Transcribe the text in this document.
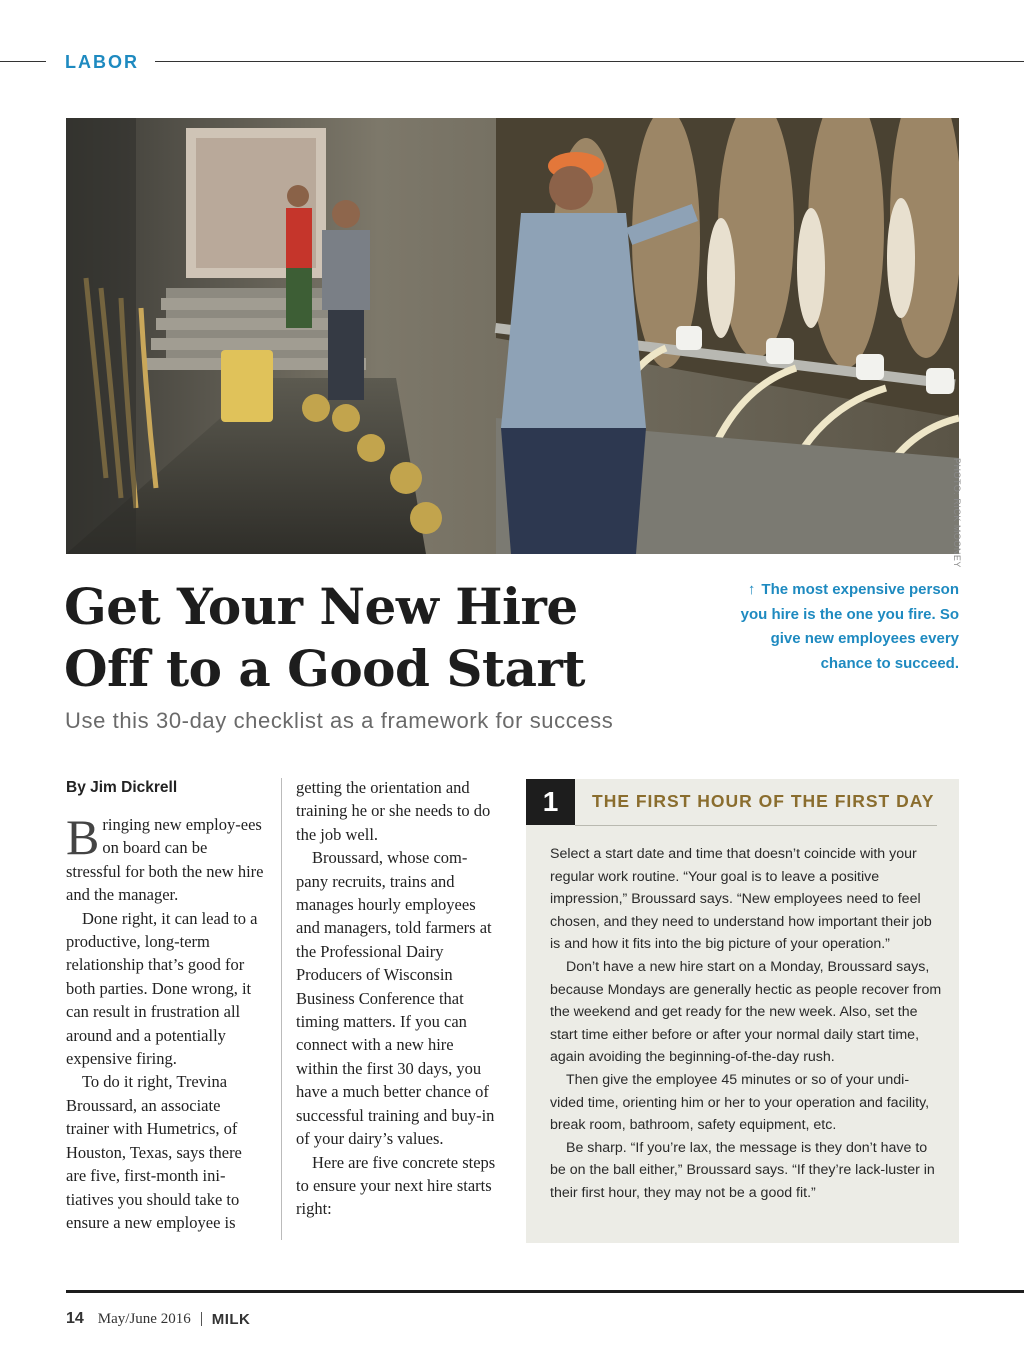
LABOR
PHOTO: RICK MOONEY
Get Your New Hire
Off to a Good Start
Use this 30-day checklist as a framework for success
↑ The most expensive person you hire is the one you fire. So give new employees every chance to succeed.
By Jim Dickrell

Bringing new employ-ees on board can be stressful for both the new hire and the manager.

Done right, it can lead to a productive, long-term relationship that’s good for both parties. Done wrong, it can result in frustration all around and a potentially expensive firing.

To do it right, Trevina Broussard, an associate trainer with Humetrics, of Houston, Texas, says there are five, first-month ini-tiatives you should take to ensure a new employee is

getting the orientation and training he or she needs to do the job well.

Broussard, whose com-pany recruits, trains and manages hourly employees and managers, told farmers at the Professional Dairy Producers of Wisconsin Business Conference that timing matters. If you can connect with a new hire within the first 30 days, you have a much better chance of successful training and buy-in of your dairy’s values.

Here are five concrete steps to ensure your next hire starts right:

1	THE FIRST HOUR OF THE FIRST DAY

Select a start date and time that doesn’t coincide with your regular work routine. “Your goal is to leave a positive impression,” Broussard says. “New employees need to feel chosen, and they need to understand how important their job is and how it fits into the big picture of your operation.”

Don’t have a new hire start on a Monday, Broussard says, because Mondays are generally hectic as people recover from the weekend and get ready for the new week. Also, set the start time either before or after your normal daily start time, again avoiding the beginning-of-the-day rush.

Then give the employee 45 minutes or so of your undi-vided time, orienting him or her to your operation and facility, break room, bathroom, safety equipment, etc.

Be sharp. “If you’re lax, the message is they don’t have to be on the ball either,” Broussard says. “If they’re lack-luster in their first hour, they may not be a good fit.”

14 May/June 2016 MILK
